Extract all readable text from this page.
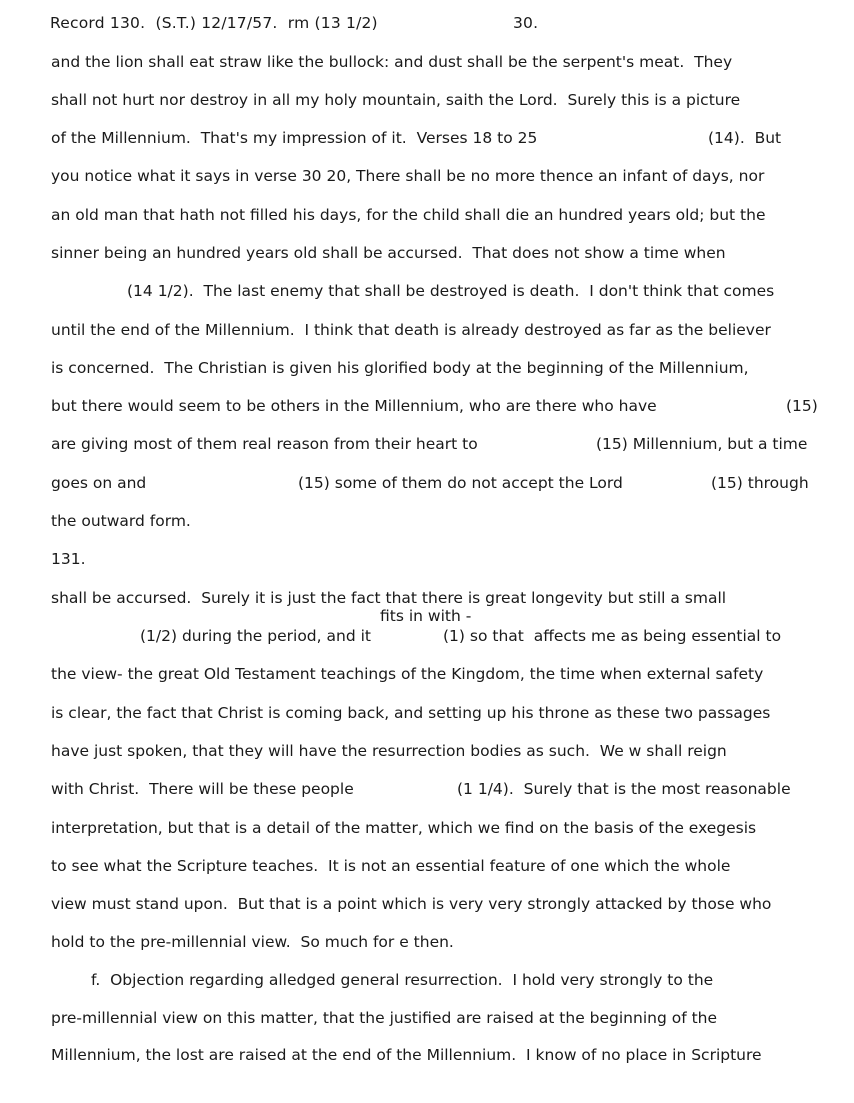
Record 130.  (S.T.) 12/17/57.  rm (13 1/2)	30.

and the lion shall eat straw like the bullock: and dust shall be the serpent's meat.  They

shall not hurt nor destroy in all my holy mountain, saith the Lord.  Surely this is a picture

of the Millennium.  That's my impression of it.  Verses 18 to 25	(14).  But

you notice what it says in verse 30 20, There shall be no more thence an infant of days, nor

an old man that hath not filled his days, for the child shall die an hundred years old; but the

sinner being an hundred years old shall be accursed.  That does not show a time when

(14 1/2).  The last enemy that shall be destroyed is death.  I don't think that comes

until the end of the Millennium.  I think that death is already destroyed as far as the believer

is concerned.  The Christian is given his glorified body at the beginning of the Millennium,

but there would seem to be others in the Millennium, who are there who have	(15)

are giving most of them real reason from their heart to	(15) Millennium, but a time

goes on and	(15) some of them do not accept the Lord	(15) through

the outward form.

131.

shall be accursed.  Surely it is just the fact that there is great longevity but still a small

fits in with -

(1/2) during the period, and it	(1) so that  affects me as being essential to

the view- the great Old Testament teachings of the Kingdom, the time when external safety

is clear, the fact that Christ is coming back, and setting up his throne as these two passages

have just spoken, that they will have the resurrection bodies as such.  We w shall reign

with Christ.  There will be these people	(1 1/4).  Surely that is the most reasonable

interpretation, but that is a detail of the matter, which we find on the basis of the exegesis

to see what the Scripture teaches.  It is not an essential feature of one which the whole

view must stand upon.  But that is a point which is very very strongly attacked by those who

hold to the pre-millennial view.  So much for e then.

f.  Objection regarding alledged general resurrection.  I hold very strongly to the

pre-millennial view on this matter, that the justified are raised at the beginning of the

Millennium, the lost are raised at the end of the Millennium.  I know of no place in Scripture
